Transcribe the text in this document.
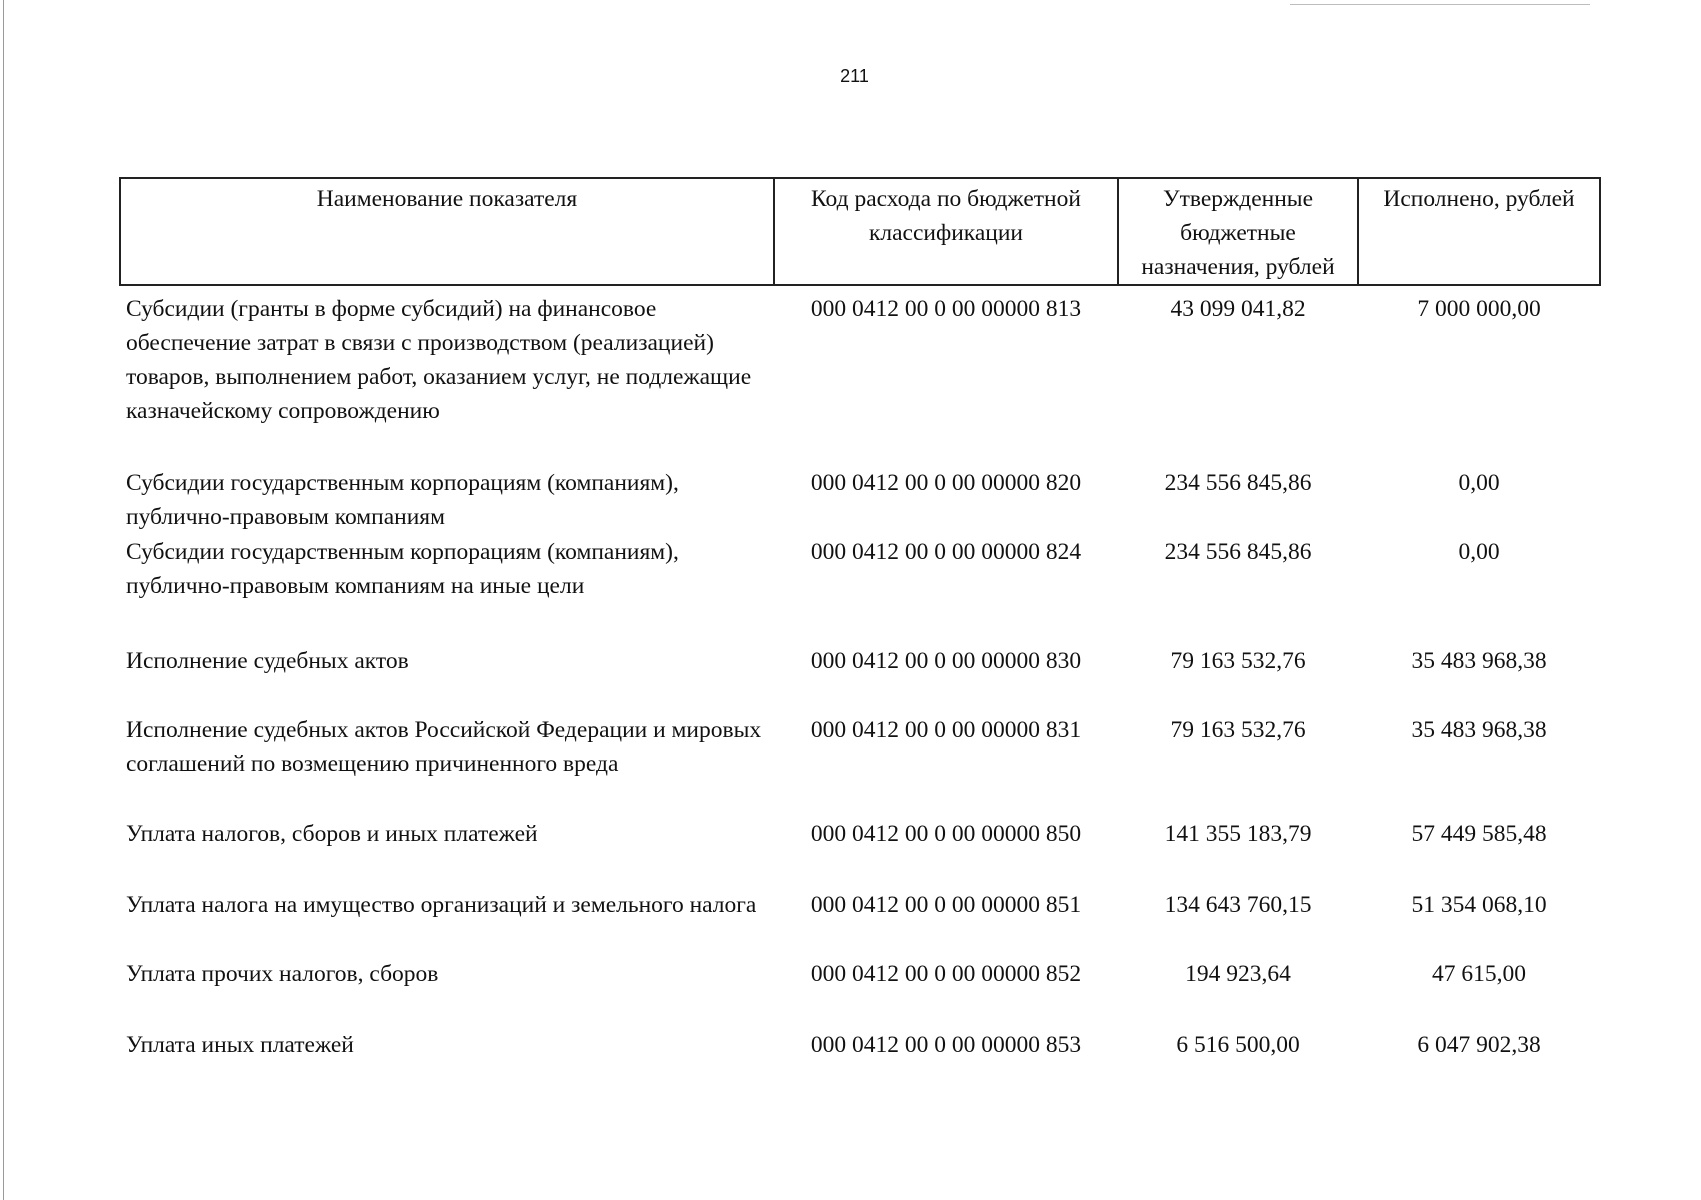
211
Наименование показателя	Код расхода по бюджетной классификации	Утвержденные бюджетные назначения, рублей	Исполнено, рублей
Субсидии (гранты в форме субсидий) на финансовое обеспечение затрат в связи с производством (реализацией) товаров, выполнением работ, оказанием услуг, не подлежащие казначейскому сопровождению	000 0412 00 0 00 00000 813	43 099 041,82	7 000 000,00
Субсидии государственным корпорациям (компаниям), публично-правовым компаниям	000 0412 00 0 00 00000 820	234 556 845,86	0,00
Субсидии государственным корпорациям (компаниям), публично-правовым компаниям на иные цели	000 0412 00 0 00 00000 824	234 556 845,86	0,00
Исполнение судебных актов	000 0412 00 0 00 00000 830	79 163 532,76	35 483 968,38
Исполнение судебных актов Российской Федерации и мировых соглашений по возмещению причиненного вреда	000 0412 00 0 00 00000 831	79 163 532,76	35 483 968,38
Уплата налогов, сборов и иных платежей	000 0412 00 0 00 00000 850	141 355 183,79	57 449 585,48
Уплата налога на имущество организаций и земельного налога	000 0412 00 0 00 00000 851	134 643 760,15	51 354 068,10
Уплата прочих налогов, сборов	000 0412 00 0 00 00000 852	194 923,64	47 615,00
Уплата иных платежей	000 0412 00 0 00 00000 853	6 516 500,00	6 047 902,38
